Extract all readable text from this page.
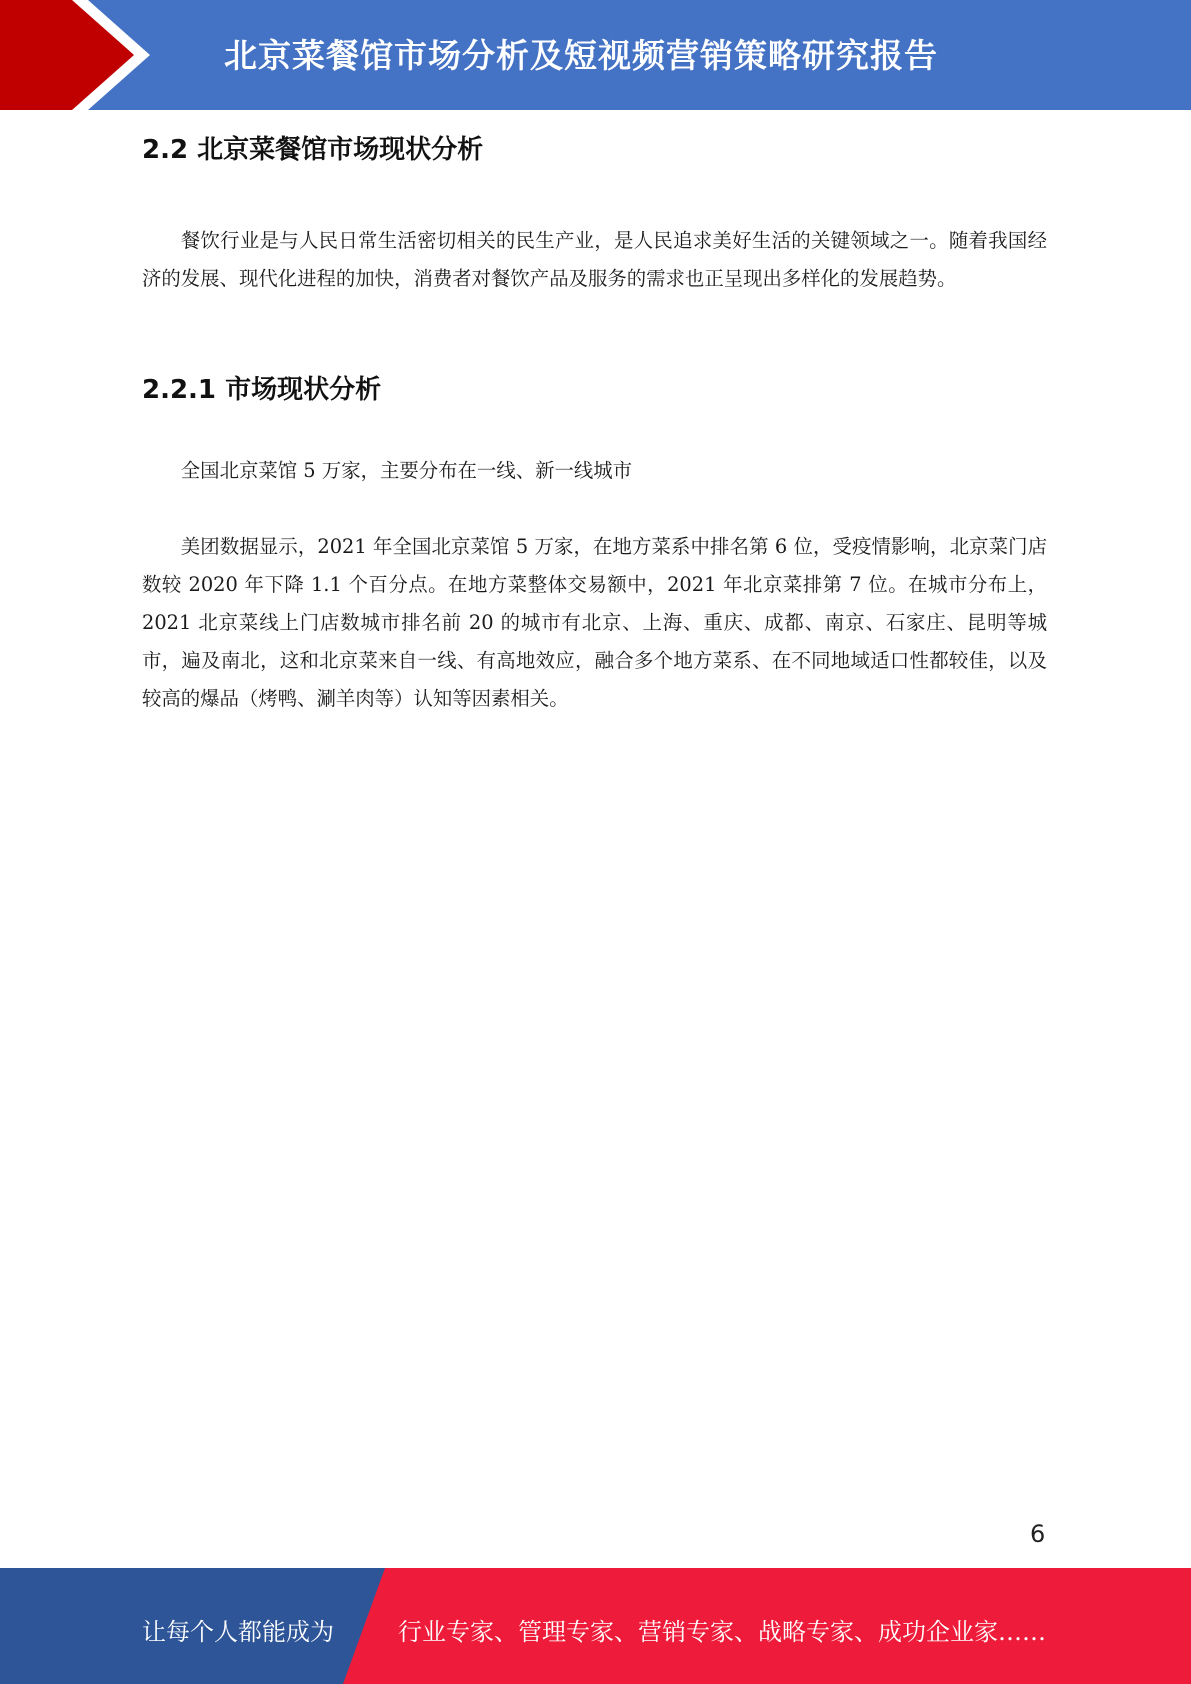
北京菜餐馆市场分析及短视频营销策略研究报告
2.2 北京菜餐馆市场现状分析

餐饮行业是与人民日常生活密切相关的民生产业，是人民追求美好生活的关键领域之一。随着我国经济的发展、现代化进程的加快，消费者对餐饮产品及服务的需求也正呈现出多样化的发展趋势。

2.2.1 市场现状分析

全国北京菜馆 5 万家，主要分布在一线、新一线城市

美团数据显示，2021 年全国北京菜馆 5 万家，在地方菜系中排名第 6 位，受疫情影响，北京菜门店数较 2020 年下降 1.1 个百分点。在地方菜整体交易额中，2021 年北京菜排第 7 位。在城市分布上，2021 北京菜线上门店数城市排名前 20 的城市有北京、上海、重庆、成都、南京、石家庄、昆明等城市，遍及南北，这和北京菜来自一线、有高地效应，融合多个地方菜系、在不同地域适口性都较佳，以及较高的爆品（烤鸭、涮羊肉等）认知等因素相关。

6

让每个人都能成为	行业专家、管理专家、营销专家、战略专家、成功企业家……
